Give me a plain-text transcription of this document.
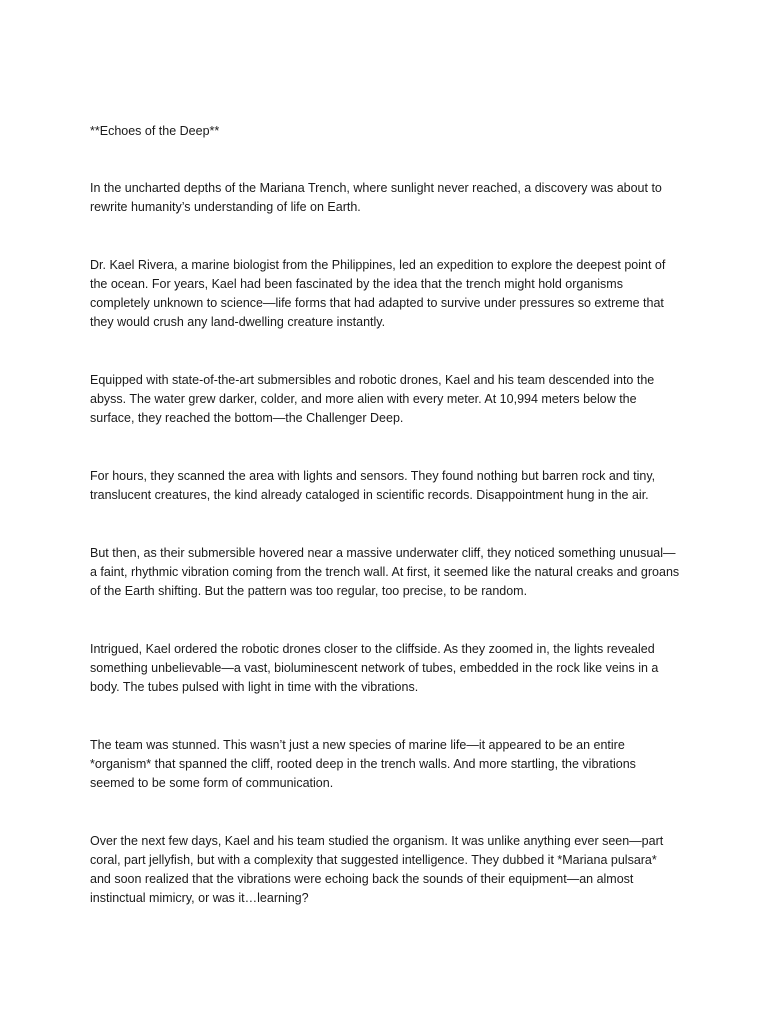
**Echoes of the Deep**

In the uncharted depths of the Mariana Trench, where sunlight never reached, a discovery was about to rewrite humanity’s understanding of life on Earth.

Dr. Kael Rivera, a marine biologist from the Philippines, led an expedition to explore the deepest point of the ocean. For years, Kael had been fascinated by the idea that the trench might hold organisms completely unknown to science—life forms that had adapted to survive under pressures so extreme that they would crush any land-dwelling creature instantly.

Equipped with state-of-the-art submersibles and robotic drones, Kael and his team descended into the abyss. The water grew darker, colder, and more alien with every meter. At 10,994 meters below the surface, they reached the bottom—the Challenger Deep.

For hours, they scanned the area with lights and sensors. They found nothing but barren rock and tiny, translucent creatures, the kind already cataloged in scientific records. Disappointment hung in the air.

But then, as their submersible hovered near a massive underwater cliff, they noticed something unusual—a faint, rhythmic vibration coming from the trench wall. At first, it seemed like the natural creaks and groans of the Earth shifting. But the pattern was too regular, too precise, to be random.

Intrigued, Kael ordered the robotic drones closer to the cliffside. As they zoomed in, the lights revealed something unbelievable—a vast, bioluminescent network of tubes, embedded in the rock like veins in a body. The tubes pulsed with light in time with the vibrations.

The team was stunned. This wasn’t just a new species of marine life—it appeared to be an entire *organism* that spanned the cliff, rooted deep in the trench walls. And more startling, the vibrations seemed to be some form of communication.

Over the next few days, Kael and his team studied the organism. It was unlike anything ever seen—part coral, part jellyfish, but with a complexity that suggested intelligence. They dubbed it *Mariana pulsara* and soon realized that the vibrations were echoing back the sounds of their equipment—an almost instinctual mimicry, or was it…learning?
